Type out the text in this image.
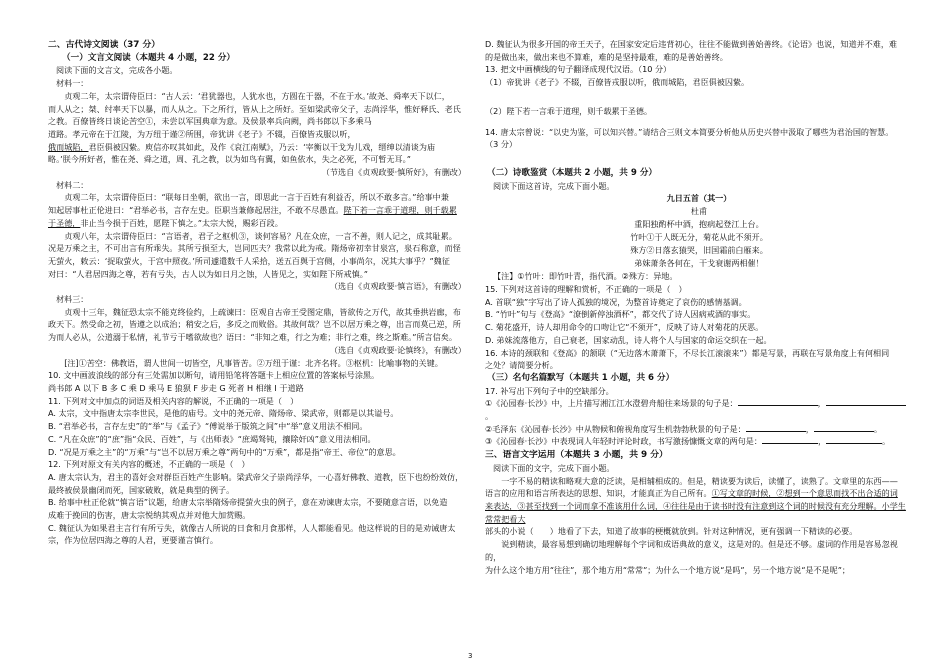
二、古代诗文阅读（37 分）

（一）文言文阅读（本题共 4 小题，22 分）

阅读下面的文言文，完成各小题。

材料一：

贞观二年，太宗谓侍臣曰：“古人云：‘君犹器也，人犹水也，方圆在于器，不在于水。’故尧、舜率天下以仁，

而人从之；桀、纣率天下以暴，而人从之。下之所行，皆从上之所好。至如梁武帝父子，志尚浮华，惟好释氏、老氏

之教。百僚皆终日谈论苦空①，未尝以军国典章为意。及侯景率兵向阙，尚书郎以下多乘马

道路。孝元帝在于江陵，为万纽于谨②所围，帝犹讲《老子》不辍，百僚皆戎服以听，

俄而城陷，君臣俱被囚絷。庾信亦叹其如此，及作《哀江南赋》，乃云：‘宰衡以干戈为儿戏，缙绅以清谈为庙

略。’朕今所好者，惟在尧、舜之道，周、孔之教，以为如鸟有翼，如鱼依水，失之必死，不可暂无耳。”

（节选自《贞观政要·慎所好》，有删改）

材料二：

贞观二年，太宗谓侍臣曰：“联每日坐朝，欲出一言，即思此一言于百姓有利益否，所以不敢多言。”给事中兼

知起居事杜正伦进曰：“君举必书，言存左史。臣职当兼修起居注，不敢不尽愚直。陛下若一言乖于道理，则千载累

于圣德，非止当今损于百姓，愿陛下慎之。”太宗大悦，赐彩百段。

贞观八年，太宗谓侍臣曰：“言语者，君子之枢机③，谈何容易？凡在众庶，一言不善，则人记之，成其耻累。

况是万乘之主，不可出言有所乖失。其所亏损至大，岂同匹夫？我常以此为戒。隋炀帝初幸甘泉宫，泉石称意，而怪

无萤火，敕云：‘捉取萤火，于宫中照夜。’所司遽遣数千人采拾，送五百舆于宫侧，小事尚尔，况其大事乎？”魏征

对曰：“人君居四海之尊，若有亏失，古人以为如日月之蚀，人皆见之，实如陛下所戒慎。”

（选自《贞观政要·慎言语》，有删改）

材料三：

贞观十三年，魏征恐太宗不能克终俭约，上疏谏曰：臣观自古帝王受图定鼎，皆欲传之万代，故其垂拱岩廊，布

政天下。然受命之初，皆遵之以成治；稍安之后，多反之而败俗。其故何哉？岂不以居万乘之尊，出言而莫己逆，所

为而人必从，公道溺于私情，礼节亏于嗜欲故也？语曰：“非知之难，行之为难；非行之难，终之斯难。”所言信矣。

（选自《贞观政要·论慎终》，有删改）

[注]①苦空：佛教语，谓人世间一切皆空，凡事皆苦。②万纽于谨：北齐名将。③枢机：比喻事物的关键。

10. 文中画波浪线的部分有三处需加以断句，请用铅笔将答题卡上相应位置的答案标号涂黑。

尚书郎 A 以下 B 多 C 乘 D 乘马 E 狼狈 F 步走 G 死者 H 相继 I 于道路

11. 下列对文中加点的词语及相关内容的解说，不正确的一项是（　）

A. 太宗，文中指唐太宗李世民，是他的庙号。文中的尧元帝、隋炀帝、梁武帝，则都是以其谥号。

B. “君举必书，言存左史”的“举”与《孟子》“傅说举于版筑之间”中“举”意义用法不相同。

C. “凡在众庶”的“庶”指“众民、百姓”，与《出师表》“庶竭驽钝，攘除奸凶”意义用法相同。

D. “况是万乘之主”的“万乘”与“岂不以居万乘之尊”两句中的“万乘”，都是指“帝王、帝位”的意思。

12. 下列对原文有关内容的概述，不正确的一项是（　）

A. 唐太宗认为，君主的喜好会对群臣百姓产生影响。梁武帝父子崇尚浮华，一心喜好佛教、道教，臣下也纷纷效仿，

最终被侯景幽闭而死，国家破败，就是典型的例子。

B. 给事中杜正伦就“慎言语”议题，给唐太宗举隋炀帝提萤火虫的例子，意在劝谏唐太宗，不要随意言语，以免造

成难于挽回的伤害，唐太宗悦纳其观点并对他大加赏赐。

C. 魏征认为如果君主言行有所亏失，就像古人所说的日食和月食那样，人人都能看见。他这样说的目的是劝诫唐太

宗，作为位居四海之尊的人君，更要谨言慎行。

D. 魏征认为很多开国的帝王天子，在国家安定后违背初心，往往不能做到善始善终。《论语》也说，知道并不难，难

的是做出来，做出来也不算难，难的是坚持最难，难的是善始善终。

13. 把文中画横线的句子翻译成现代汉语。（10 分）

（1）帝犹讲《老子》不辍，百僚皆戎服以听，俄而城陷，君臣俱被囚絷。

（2）陛下若一言乖于道理，则千载累于圣德。

14. 唐太宗曾说：“以史为鉴，可以知兴替。”请结合三则文本简要分析他从历史兴替中汲取了哪些为君治国的智慧。

（3 分）

（二）诗歌鉴赏（本题共 2 小题，共 9 分）

阅读下面这首诗，完成下面小题。

九日五首（其一）

杜甫

重阳独酌杯中酒，抱病起登江上台。

竹叶①于人既无分，菊花从此不须开。

殊方②日落玄猿哭，旧国霜前白雁来。

弟妹萧条各何在，干戈衰谢两相催！

【注】①竹叶：即竹叶青，指代酒。②殊方：异地。

15. 下列对这首诗的理解和赏析，不正确的一项是（　）

A. 首联“独”字写出了诗人孤独的境况，为整首诗奠定了哀伤的感情基调。

B. “竹叶”句与《登高》“潦倒新停浊酒杯”，都交代了诗人因病戒酒的事实。

C. 菊花盛开，诗人却用命令的口吻让它“不须开”，反映了诗人对菊花的厌恶。

D. 弟妹流落他方，自己衰老，国家动乱，诗人将个人与国家的命运交织在一起。

16. 本诗的颈联和《登高》的颔联（“无边落木萧萧下，不尽长江滚滚来”）都是写景，再联在写景角度上有何相同

之处？请简要分析。

（三）名句名篇默写（本题共 1 小题，共 6 分）

17. 补写出下列句子中的空缺部分。

①《沁园春·长沙》中，上片描写湘江江水澄碧舟船往来场景的句子是：	，。

②毛泽东《沁园春·长沙》中从物候和俯视角度写生机勃勃秋景的句子是：	，	。

③《沁园春·长沙》中表现词人年轻时评论时政，书写激扬慷慨文章的两句是：	，	。

三、语言文字运用（本题共 3 小题，共 9 分）

阅读下面的文字，完成下面小题。

一字不易的精读和略观大意的泛读，是相辅相成的。但是，精读要为读后，读懂了，读熟了。文章里的东西——

语言的应用和语言所表达的思想、知识，才能真正为自己所有。①写文章的时候，②想到一个意思而找不出合适的词

来表达，③甚至找到一个词而拿不准该用什么词，④往往是由于读书时没有注意到这个词的时候没有充分理解。小学生常常把看大

部头的小说（　　）地看了下去，知道了故事的梗概就放到。针对这种情况，更有强调一下精读的必要。

说到精读，最容易想到确切地理解每个字词和成语典故的意义，这是对的。但是还不够。虚词的作用是容易忽视的，

为什么这个地方用“往往”，那个地方用“常常”；为什么一个地方说“是吗”，另一个地方说“是不是呢”；

3
